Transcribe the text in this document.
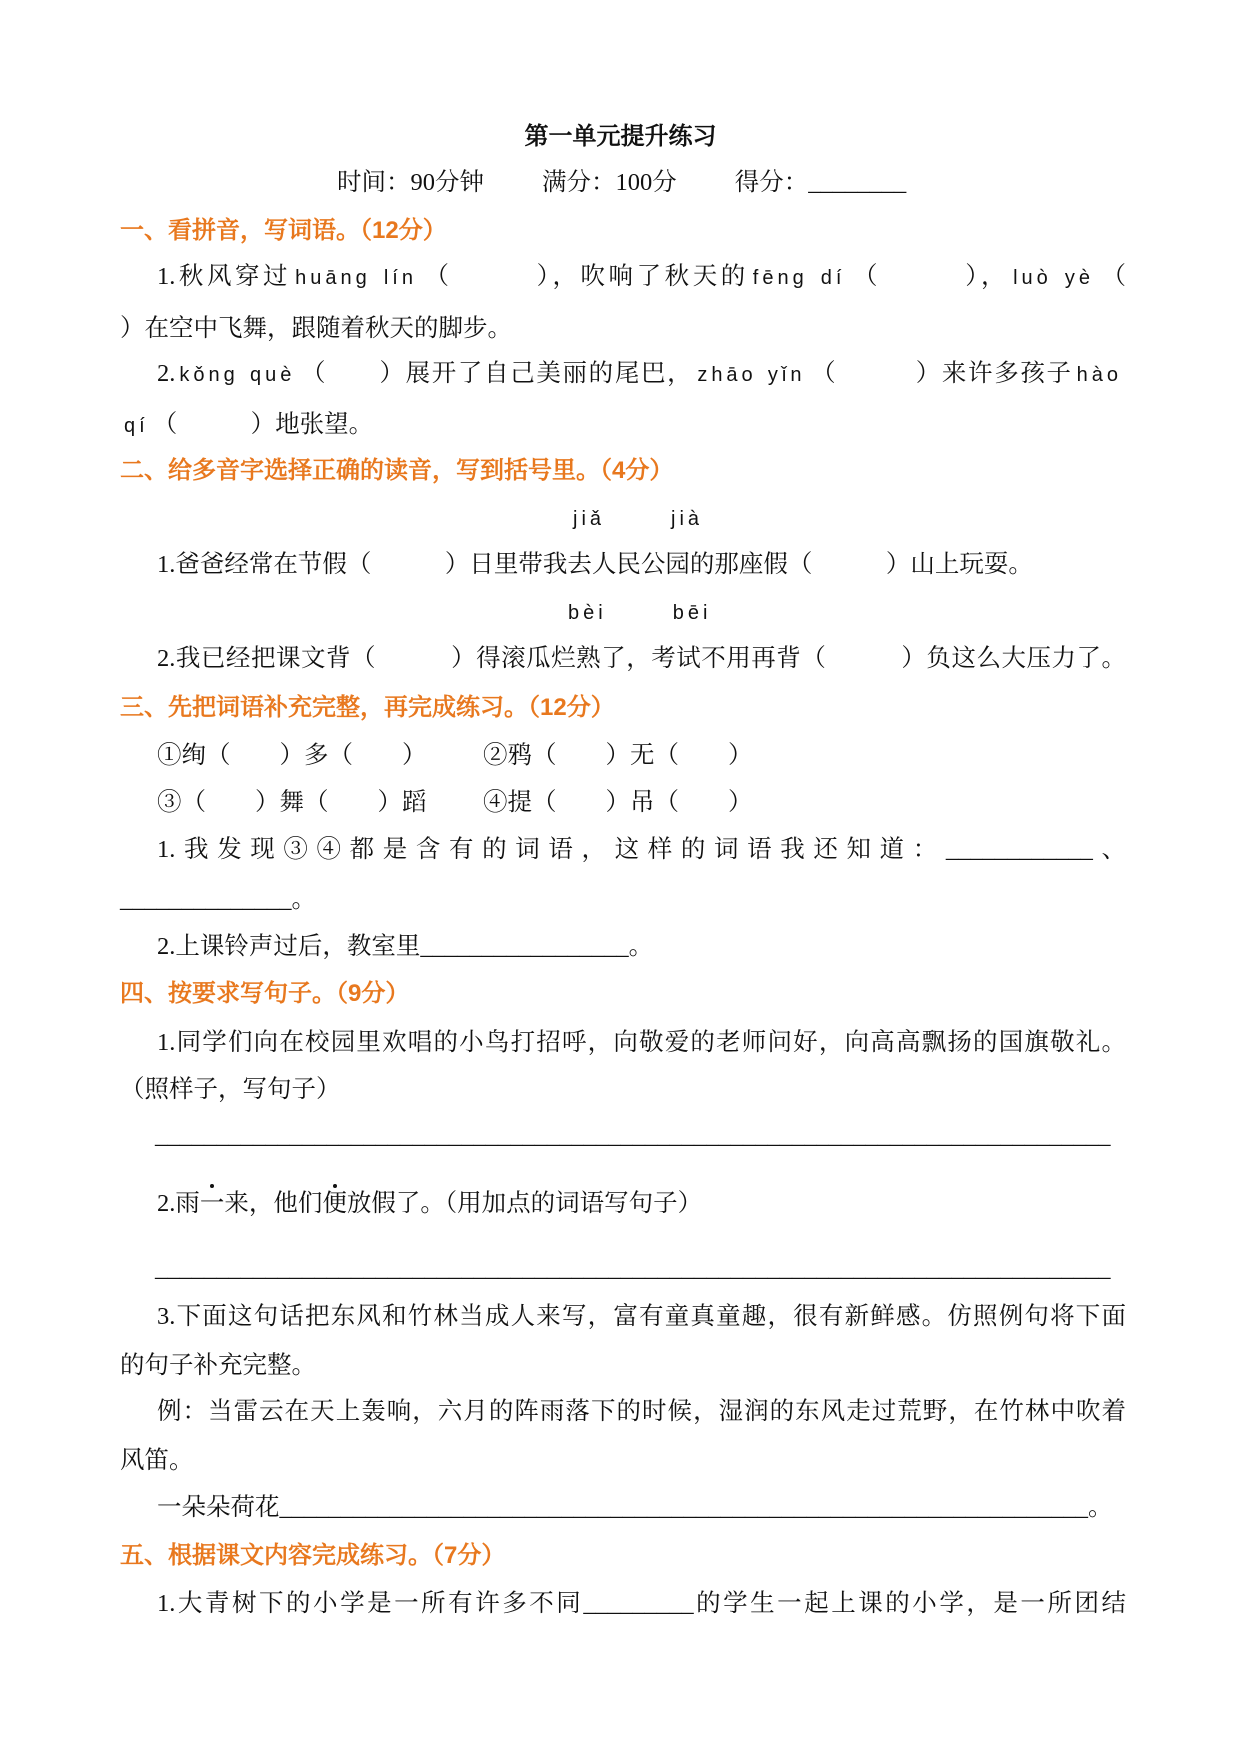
第一单元提升练习
时间：90分钟 满分：100分 得分：________
一、看拼音，写词语。（12分）
1.秋风穿过 huāng lín （　　　），吹响了秋天的 fēng dí （　　　）， luò yè （
）在空中飞舞，跟随着秋天的脚步。
2. kǒng què （　　）展开了自己美丽的尾巴， zhāo yǐn （　　　）来许多孩子 hào
qí （　　　）地张望。
二、给多音字选择正确的读音，写到括号里。（4分）
jiǎ	jià
1.爸爸经常在节假（　　　）日里带我去人民公园的那座假（　　　）山上玩耍。
bèi	bēi
2.我已经把课文背（　　　）得滚瓜烂熟了，考试不用再背（　　　）负这么大压力了。
三、先把词语补充完整，再完成练习。（12分）
①绚（　　）多（　　） ②鸦（　　）无（　　）
③（　　）舞（　　）蹈 ④提（　　）吊（　　）
1.我发现③④都是含有的词语，这样的词语我还知道：____________、
______________。
2.上课铃声过后，教室里_________________。
四、按要求写句子。（9分）
1.同学们向在校园里欢唱的小鸟打招呼，向敬爱的老师问好，向高高飘扬的国旗敬礼。
（照样子，写句子）
______________________________________________________________________________
2.雨一来，他们便放假了。（用加点的词语写句子）
______________________________________________________________________________
3.下面这句话把东风和竹林当成人来写，富有童真童趣，很有新鲜感。仿照例句将下面
的句子补充完整。
例：当雷云在天上轰响，六月的阵雨落下的时候，湿润的东风走过荒野，在竹林中吹着
风笛。
一朵朵荷花__________________________________________________________________。
五、根据课文内容完成练习。（7分）
1.大青树下的小学是一所有许多不同_________的学生一起上课的小学，是一所团结
